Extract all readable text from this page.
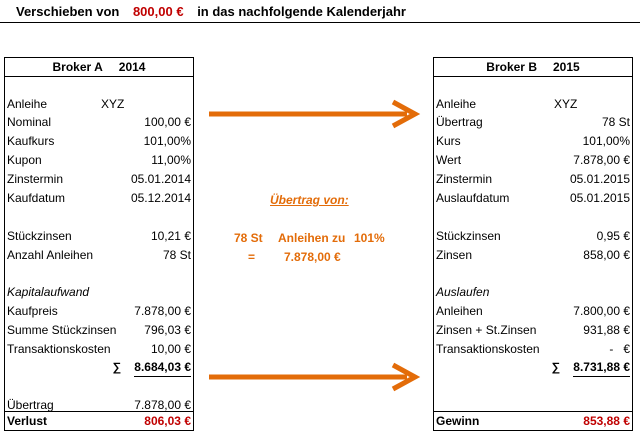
Verschieben von 800,00 € in das nachfolgende Kalenderjahr
Broker A 2014
Anleihe	XYZ
Nominal	100,00 €
Kaufkurs	101,00%
Kupon	11,00%
Zinstermin	05.01.2014
Kaufdatum	05.12.2014
Stückzinsen	10,21 €
Anzahl Anleihen	78 St
Kapitalaufwand
Kaufpreis	7.878,00 €
Summe Stückzinsen 796,03 €
Transaktionskosten	10,00 €
∑ 8.684,03 €
Übertrag	7.878,00 €
Verlust	806,03 €
Broker B 2015
Anleihe	XYZ
Übertrag	78 St
Kurs	101,00%
Wert	7.878,00 €
Zinstermin	05.01.2015
Auslaufdatum	05.01.2015
Stückzinsen	0,95 €
Zinsen	858,00 €
Auslaufen
Anleihen	7.800,00 €
Zinsen + St.Zinsen	931,88 €
Transaktionskosten	-   €
∑ 8.731,88 €
Gewinn	853,88 €
Übertrag von:
78 St Anleihen zu 101%
= 7.878,00 €
